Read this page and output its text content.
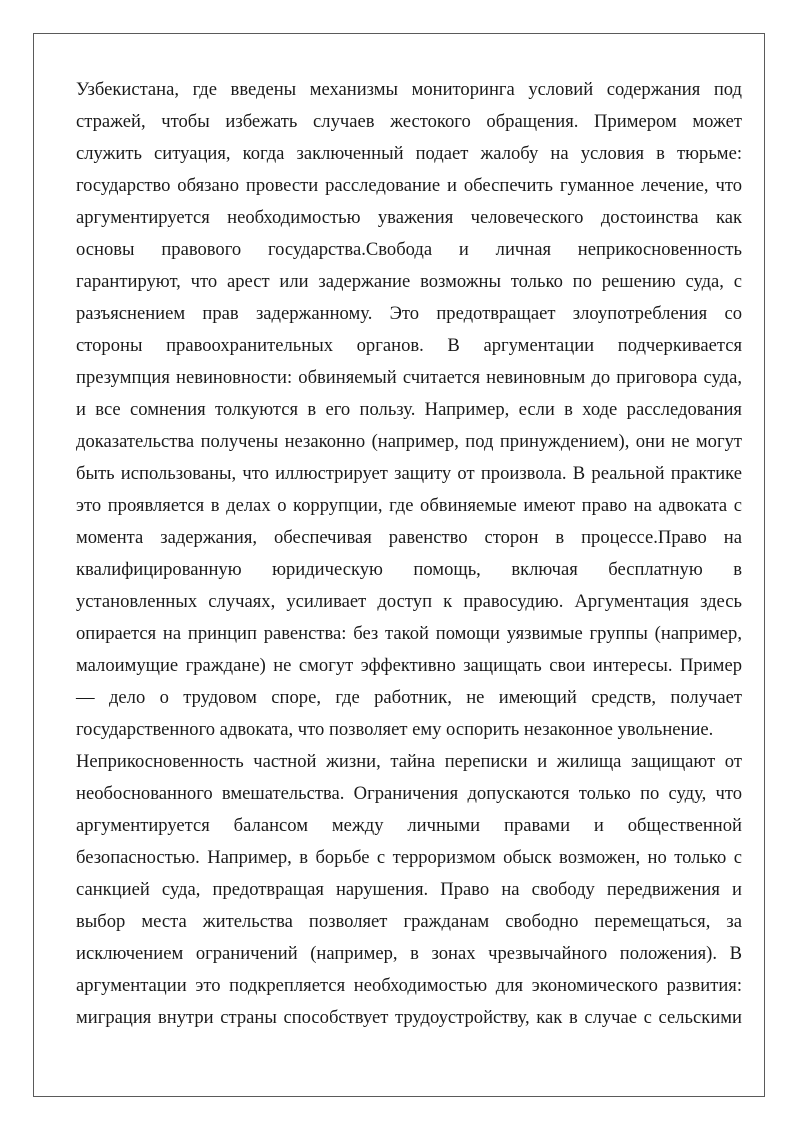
Узбекистана, где введены механизмы мониторинга условий содержания под
стражей, чтобы избежать случаев жестокого обращения. Примером может
служить ситуация, когда заключенный подает жалобу на условия в тюрьме:
государство обязано провести расследование и обеспечить гуманное лечение, что
аргументируется необходимостью уважения человеческого достоинства как
основы правового государства.Свобода и личная неприкосновенность
гарантируют, что арест или задержание возможны только по решению суда, с
разъяснением прав задержанному. Это предотвращает злоупотребления со
стороны правоохранительных органов. В аргументации подчеркивается
презумпция невиновности: обвиняемый считается невиновным до приговора суда,
и все сомнения толкуются в его пользу. Например, если в ходе расследования
доказательства получены незаконно (например, под принуждением), они не могут
быть использованы, что иллюстрирует защиту от произвола. В реальной практике
это проявляется в делах о коррупции, где обвиняемые имеют право на адвоката с
момента задержания, обеспечивая равенство сторон в процессе.Право на
квалифицированную юридическую помощь, включая бесплатную в
установленных случаях, усиливает доступ к правосудию. Аргументация здесь
опирается на принцип равенства: без такой помощи уязвимые группы (например,
малоимущие граждане) не смогут эффективно защищать свои интересы. Пример
— дело о трудовом споре, где работник, не имеющий средств, получает
государственного адвоката, что позволяет ему оспорить незаконное увольнение.
Неприкосновенность частной жизни, тайна переписки и жилища защищают от
необоснованного вмешательства. Ограничения допускаются только по суду, что
аргументируется балансом между личными правами и общественной
безопасностью. Например, в борьбе с терроризмом обыск возможен, но только с
санкцией суда, предотвращая нарушения. Право на свободу передвижения и
выбор места жительства позволяет гражданам свободно перемещаться, за
исключением ограничений (например, в зонах чрезвычайного положения). В
аргументации это подкрепляется необходимостью для экономического развития:
миграция внутри страны способствует трудоустройству, как в случае с сельскими
